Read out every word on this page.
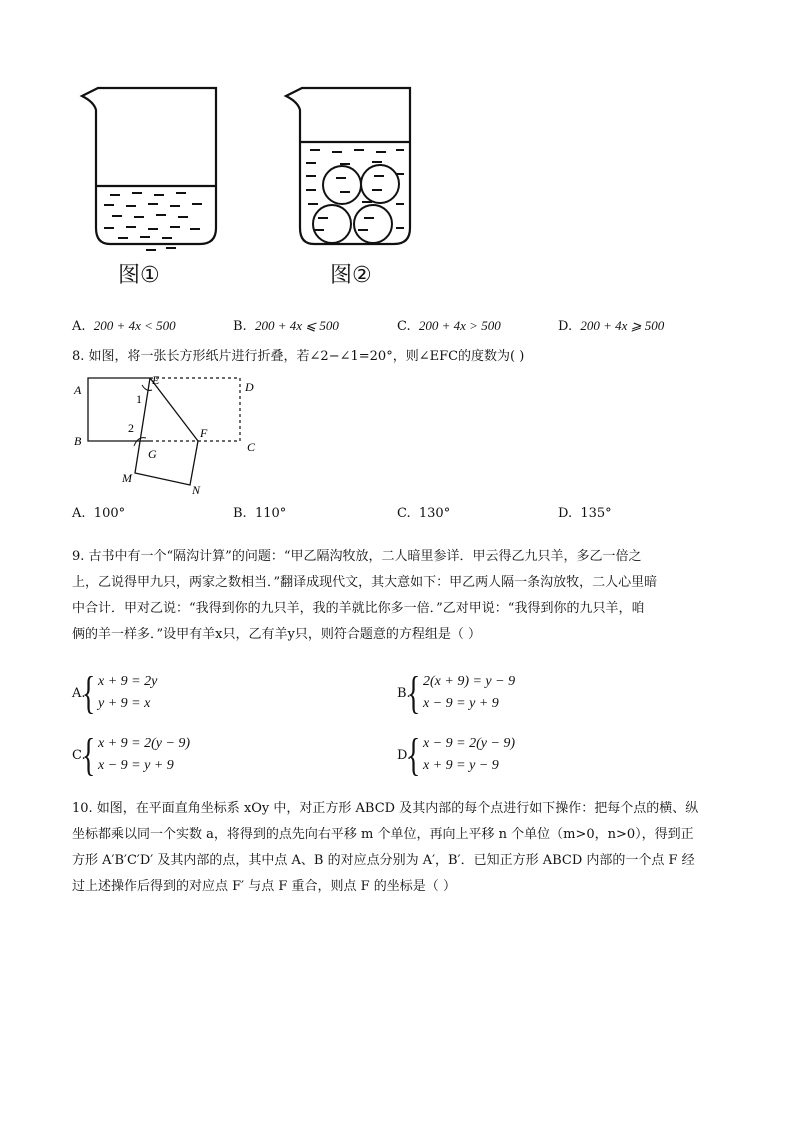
图①	图②
A. 200 + 4x < 500	B. 200 + 4x ⩽ 500	C. 200 + 4x > 500	D. 200 + 4x ⩾ 500
8. 如图，将一张长方形纸片进行折叠，若∠2−∠1=20°，则∠EFC的度数为( )
A
B	C
D
E
F
G
M
N
1
2
A. 100°	B. 110°	C. 130°	D. 135°
9. 古书中有一个“隔沟计算”的问题：“甲乙隔沟牧放，二人暗里参详．甲云得乙九只羊，多乙一倍之
上，乙说得甲九只，两家之数相当．”翻译成现代文，其大意如下：甲乙两人隔一条沟放牧，二人心里暗
中合计．甲对乙说：“我得到你的九只羊，我的羊就比你多一倍．”乙对甲说：“我得到你的九只羊，咱
俩的羊一样多．”设甲有羊x只，乙有羊y只，则符合题意的方程组是（ ）
A.
{ x + 9 = 2y
y + 9 = x
B.
{ 2(x + 9) = y − 9
x − 9 = y + 9
C.
{ x + 9 = 2(y − 9)
x − 9 = y + 9
D.
{ x − 9 = 2(y − 9)
x + 9 = y − 9
10. 如图，在平面直角坐标系 xOy 中，对正方形 ABCD 及其内部的每个点进行如下操作：把每个点的横、纵
坐标都乘以同一个实数 a，将得到的点先向右平移 m 个单位，再向上平移 n 个单位（m>0，n>0），得到正
方形 A′B′C′D′ 及其内部的点，其中点 A、B 的对应点分别为 A′，B′．已知正方形 ABCD 内部的一个点 F 经
过上述操作后得到的对应点 F′ 与点 F 重合，则点 F 的坐标是（ ）
